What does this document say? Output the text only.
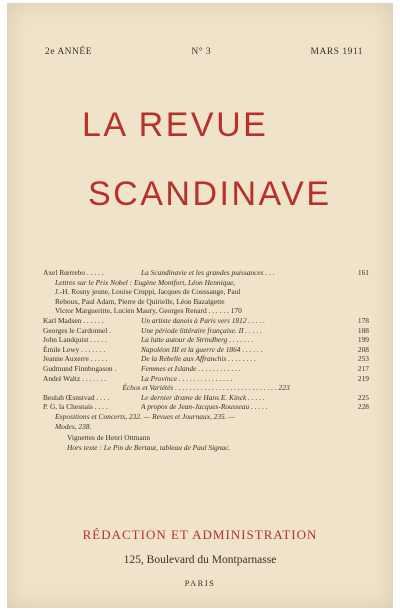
2e ANNÉE	N° 3	MARS 1911
LA REVUE
SCANDINAVE
Axel Rœrrebo . . . . .	La Scandinavie et les grandes puissances . . .	161
Lettres sur le Prix Nobel : Eugène Montfort, Léon Hennique,
J.-H. Rosny jeune, Louise Cruppi, Jacques de Coussange, Paul
Reboux, Paul Adam, Pierre de Quirielle, Léon Bazalgette
Victor Margueritte, Lucien Maury, Georges Renard . . . . . . 170
Karl Madsen . . . . . .	Un artiste danois à Paris vers 1812 . . . . .	178
Georges le Cardonnel .	Une période littéraire française. II . . . . .	188
John Landquist . . . . .	La lutte autour de Strindberg . . . . . . .	199
Émile Lewy . . . . . . .	Napoléon III et la guerre de 1864 . . . . . .	208
Jeanne Auxerre . . . . .	De la Rebelle aux Affranchis . . . . . . . .	253
Gudmund Finnbogason .	Femmes et Islande . . . . . . . . . . . .	217
André Waltz . . . . . . .	La Province . . . . . . . . . . . . . . .	219
Échos et Variétés . . . . . . . . . . . . . . . . . . . . . . . . . . . . 223
Beulah Œsnstvad . . . .	Le dernier drame de Hans E. Kinck . . . . .	225
P. G. la Chesnais . . . .	A propos de Jean-Jacques-Rousseau . . . . .	228
Expositions et Concerts, 232. — Revues et Journaux, 235. —
Modes, 238.
Vignettes de Henri Ottmann
Hors texte : Le Pin de Bertaut, tableau de Paul Signac.
RÉDACTION ET ADMINISTRATION
125, Boulevard du Montparnasse
PARIS
